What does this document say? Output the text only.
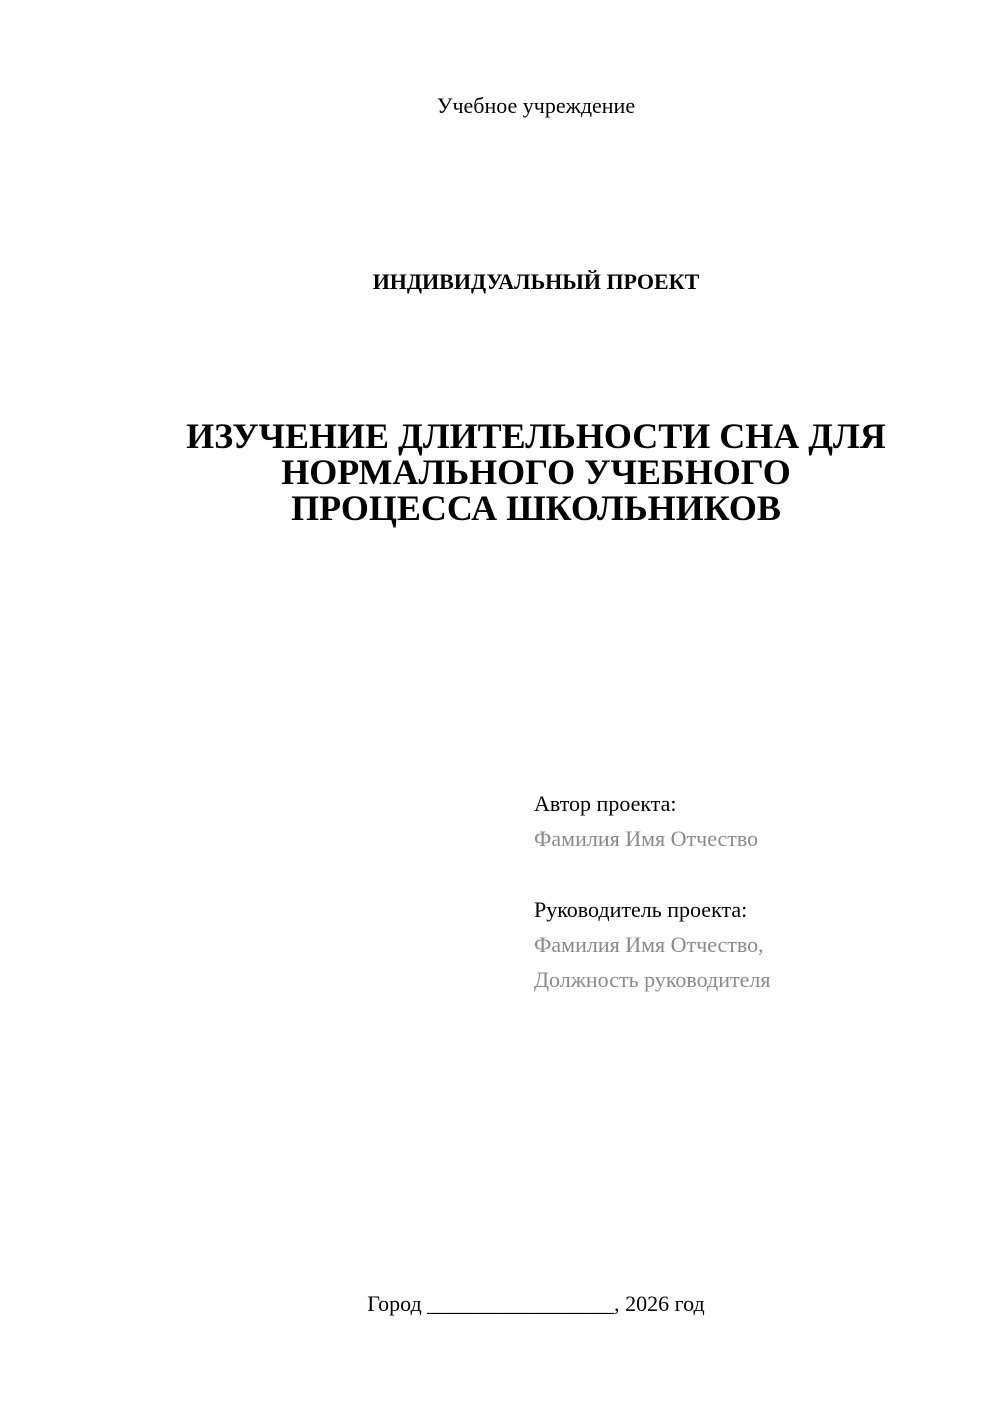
Учебное учреждение
ИНДИВИДУАЛЬНЫЙ ПРОЕКТ
ИЗУЧЕНИЕ ДЛИТЕЛЬНОСТИ СНА ДЛЯ
НОРМАЛЬНОГО УЧЕБНОГО
ПРОЦЕССА ШКОЛЬНИКОВ
Автор проекта:
Фамилия Имя Отчество
Руководитель проекта:
Фамилия Имя Отчество,
Должность руководителя
Город _________________, 2026 год
